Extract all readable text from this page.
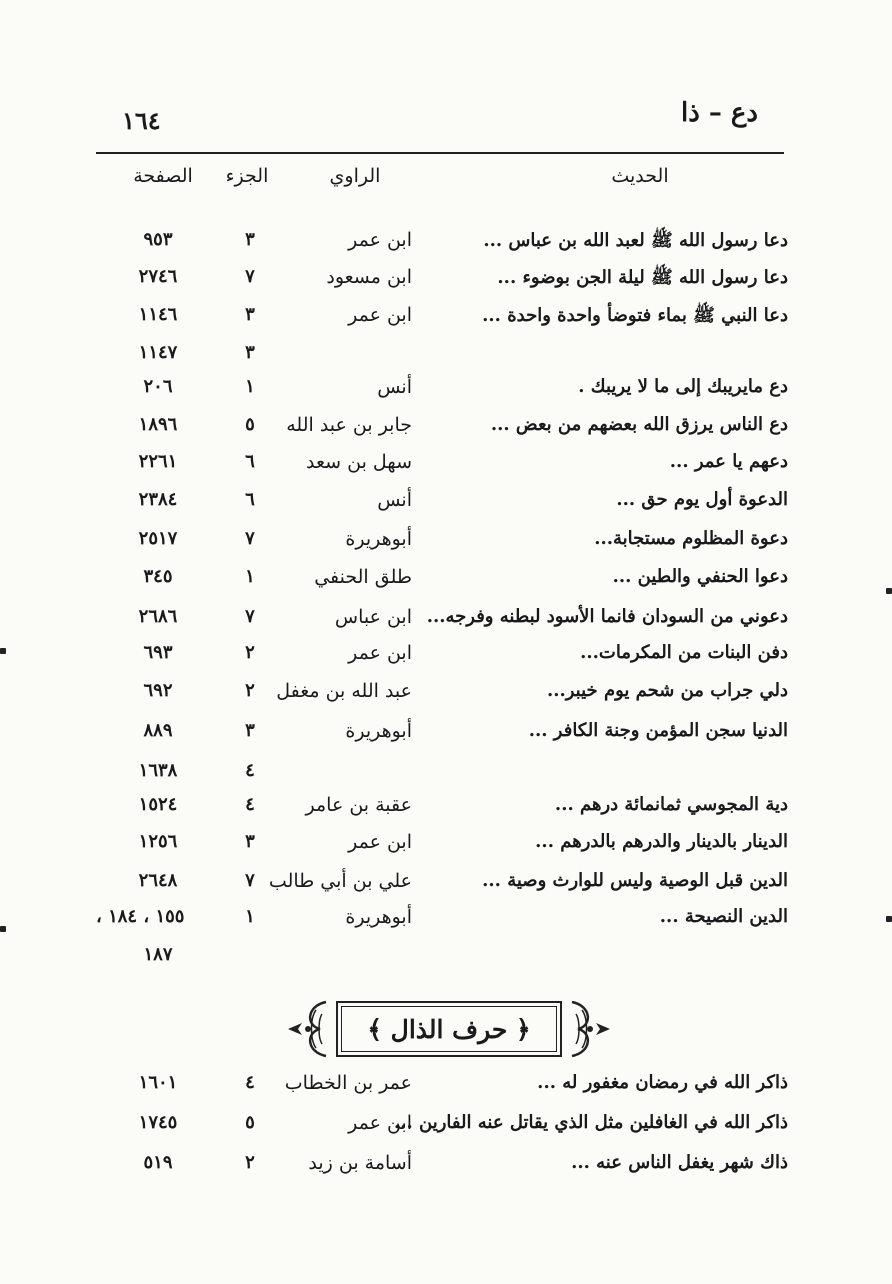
١٦٤	دع – ذا
الحديث
الراوي
الجزء
الصفحة
دعا رسول الله ﷺ لعبد الله بن عباس ...
ابن عمر
٣
٩٥٣
دعا رسول الله ﷺ ليلة الجن بوضوء ...
ابن مسعود
٧
٢٧٤٦
دعا النبي ﷺ بماء فتوضأ واحدة واحدة ...
ابن عمر
٣
١١٤٦
٣
١١٤٧
دع مايريبك إلى ما لا يريبك .
أنس
١
٢٠٦
دع الناس يرزق الله بعضهم من بعض ...
جابر بن عبد الله
٥
١٨٩٦
دعهم يا عمر ...
سهل بن سعد
٦
٢٢٦١
الدعوة أول يوم حق ...
أنس
٦
٢٣٨٤
دعوة المظلوم مستجابة...
أبوهريرة
٧
٢٥١٧
دعوا الحنفي والطين ...
طلق الحنفي
١
٣٤٥
دعوني من السودان فانما الأسود لبطنه وفرجه...
ابن عباس
٧
٢٦٨٦
دفن البنات من المكرمات...
ابن عمر
٢
٦٩٣
دلي جراب من شحم يوم خيبر...
عبد الله بن مغفل
٢
٦٩٢
الدنيا سجن المؤمن وجنة الكافر ...
أبوهريرة
٣
٨٨٩
٤
١٦٣٨
دية المجوسي ثمانمائة درهم ...
عقبة بن عامر
٤
١٥٢٤
الدينار بالدينار والدرهم بالدرهم ...
ابن عمر
٣
١٢٥٦
الدين قبل الوصية وليس للوارث وصية ...
علي بن أبي طالب
٧
٢٦٤٨
الدين النصيحة ...
أبوهريرة
١
١٥٥ ، ١٨٤ ،
١٨٧
﴿ حرف الذال ﴾
ذاكر الله في رمضان مغفور له ...
عمر بن الخطاب
٤
١٦٠١
ذاكر الله في الغافلين مثل الذي يقاتل عنه الفارين ...
ابن عمر
٥
١٧٤٥
ذاك شهر يغفل الناس عنه ...
أسامة بن زيد
٢
٥١٩
